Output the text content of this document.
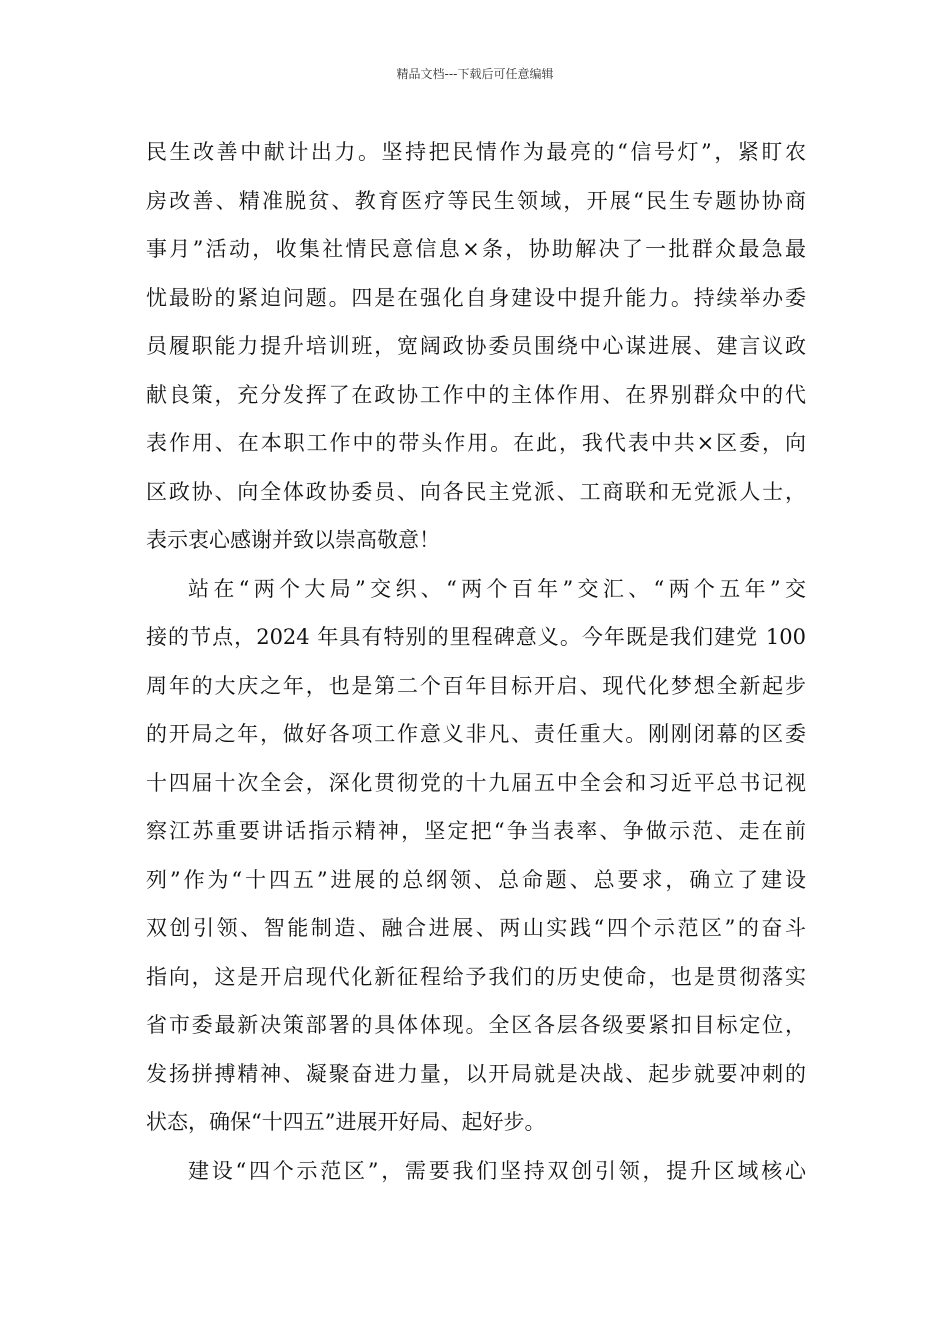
精品文档---下载后可任意编辑
民生改善中献计出力。坚持把民情作为最亮的“信号灯”，紧盯农
房改善、精准脱贫、教育医疗等民生领域，开展“民生专题协协商
事月”活动，收集社情民意信息×条，协助解决了一批群众最急最
忧最盼的紧迫问题。四是在强化自身建设中提升能力。持续举办委
员履职能力提升培训班，宽阔政协委员围绕中心谋进展、建言议政
献良策，充分发挥了在政协工作中的主体作用、在界别群众中的代
表作用、在本职工作中的带头作用。在此，我代表中共×区委，向
区政协、向全体政协委员、向各民主党派、工商联和无党派人士，
表示衷心感谢并致以崇高敬意！
站在“两个大局”交织、“两个百年”交汇、“两个五年”交
接的节点，2024 年具有特别的里程碑意义。今年既是我们建党 100
周年的大庆之年，也是第二个百年目标开启、现代化梦想全新起步
的开局之年，做好各项工作意义非凡、责任重大。刚刚闭幕的区委
十四届十次全会，深化贯彻党的十九届五中全会和习近平总书记视
察江苏重要讲话指示精神，坚定把“争当表率、争做示范、走在前
列”作为“十四五”进展的总纲领、总命题、总要求，确立了建设
双创引领、智能制造、融合进展、两山实践“四个示范区”的奋斗
指向，这是开启现代化新征程给予我们的历史使命，也是贯彻落实
省市委最新决策部署的具体体现。全区各层各级要紧扣目标定位，
发扬拼搏精神、凝聚奋进力量，以开局就是决战、起步就要冲刺的
状态，确保“十四五”进展开好局、起好步。
建设“四个示范区”，需要我们坚持双创引领，提升区域核心
